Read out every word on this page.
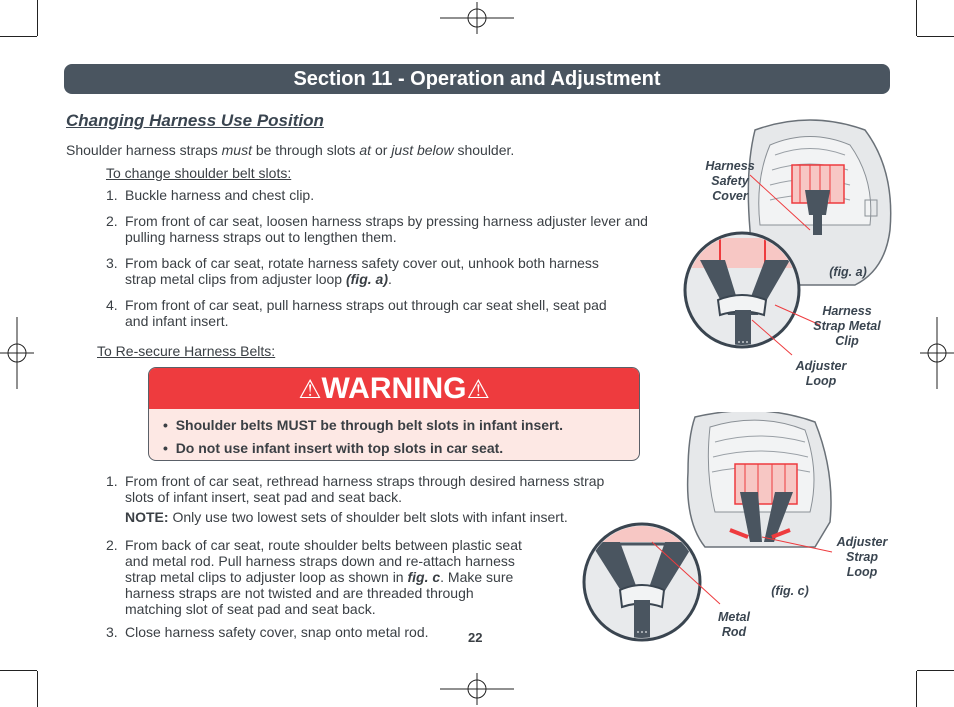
Section 11 - Operation and Adjustment
Changing Harness Use Position
Shoulder harness straps must be through slots at or just below shoulder.
To change shoulder belt slots:
1. Buckle harness and chest clip.
2. From front of car seat, loosen harness straps by pressing harness adjuster lever and
pulling harness straps out to lengthen them.
3. From back of car seat, rotate harness safety cover out, unhook both harness
strap metal clips from adjuster loop (fig. a).
4. From front of car seat, pull harness straps out through car seat shell, seat pad
and infant insert.
To Re-secure Harness Belts:
⚠WARNING⚠
•  Shoulder belts MUST be through belt slots in infant insert.
•  Do not use infant insert with top slots in car seat.
1. From front of car seat, rethread harness straps through desired harness strap
slots of infant insert, seat pad and seat back.
NOTE: Only use two lowest sets of shoulder belt slots with infant insert.
2. From back of car seat, route shoulder belts between plastic seat
and metal rod. Pull harness straps down and re-attach harness
strap metal clips to adjuster loop as shown in fig. c. Make sure
harness straps are not twisted and are threaded through
matching slot of seat pad and seat back.
3. Close harness safety cover, snap onto metal rod.	22
Harness
Safety
Cover
(fig. a)
Harness
Strap Metal
Clip
Adjuster
Loop
Adjuster
Strap
Loop
(fig. c)
Metal
Rod
